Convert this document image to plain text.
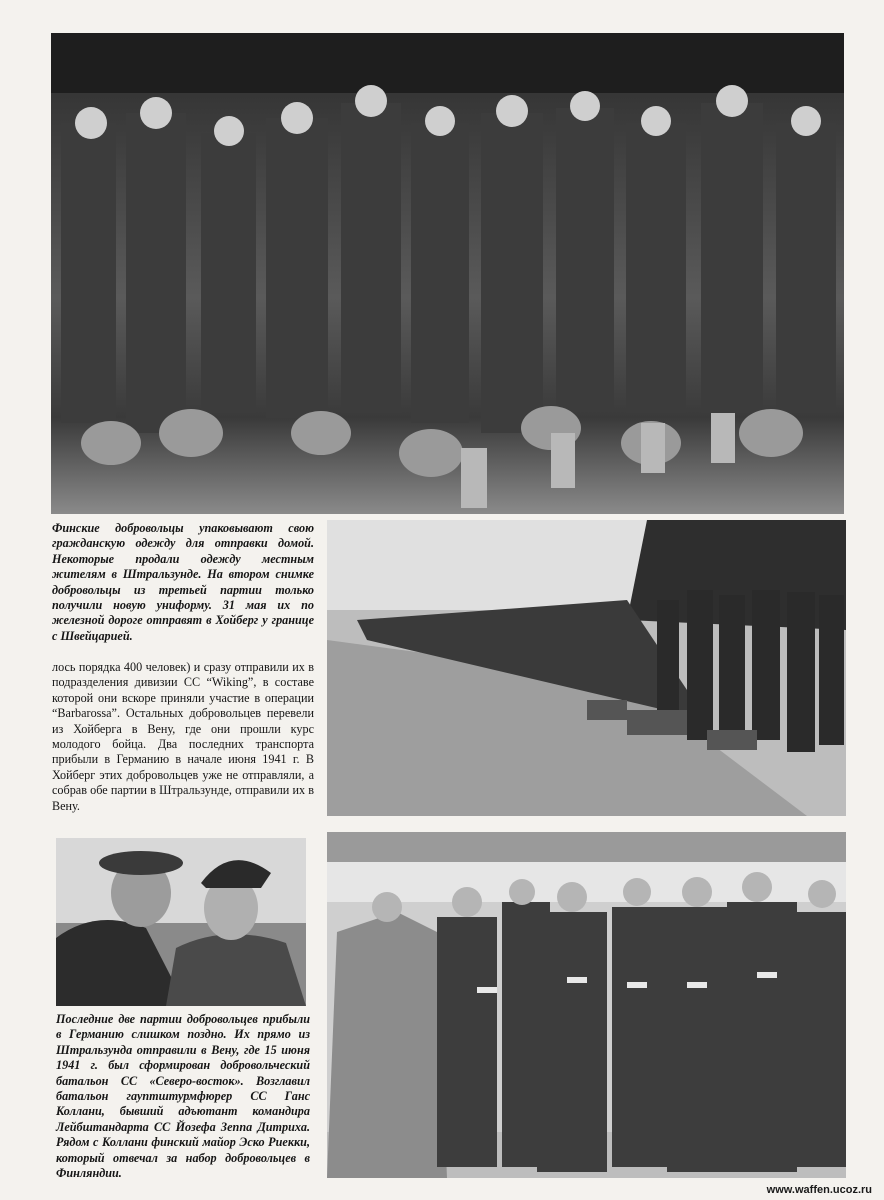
Финские добровольцы упаковывают свою гражданскую одежду для отправки домой. Некоторые продали одежду местным жителям в Штральзунде. На втором снимке добровольцы из третьей партии только получили новую униформу. 31 мая их по железной дороге отправят в Хойберг у границе с Швейцарией.

лось порядка 400 человек) и сразу отправили их в подразделения дивизии СС “Wiking”, в составе которой они вскоре приняли участие в операции “Barbarossa”. Остальных добровольцев перевели из Хойберга в Вену, где они прошли курс молодого бойца. Два последних транспорта прибыли в Германию в начале июня 1941 г. В Хойберг этих добровольцев уже не отправляли, а собрав обе партии в Штральзунде, отправили их в Вену.

Последние две партии добровольцев прибыли в Германию слишком поздно. Их прямо из Штральзунда отправили в Вену, где 15 июня 1941 г. был сформирован добровольческий батальон СС «Северо-восток». Возглавил батальон гауптштурмфюрер СС Ганс Коллани, бывший адъютант командира Лейбштандарта СС Йозефа Зеппа Дитриха. Рядом с Коллани финский майор Эско Риекки, который отвечал за набор добровольцев в Финляндии.

www.waffen.ucoz.ru
